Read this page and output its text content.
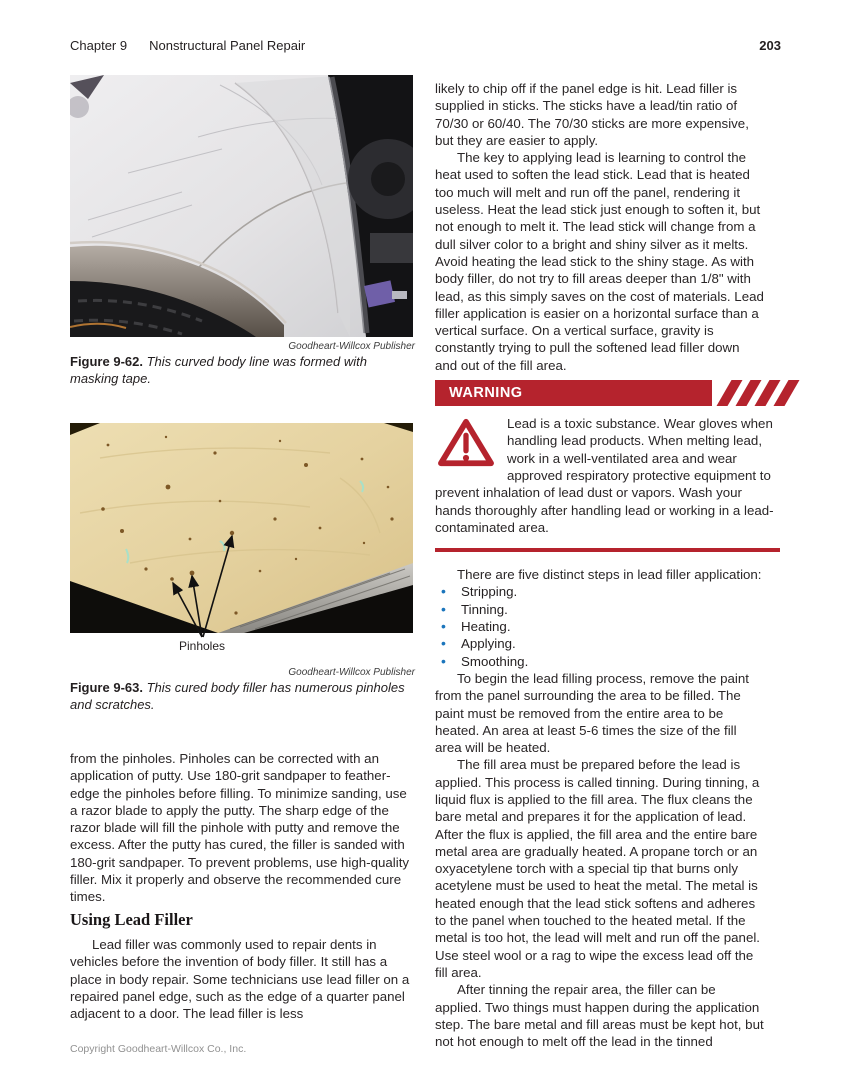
Chapter 9 Nonstructural Panel Repair	203
Goodheart-Willcox Publisher

Figure 9-62. This curved body line was formed with masking tape.

Pinholes
Goodheart-Willcox Publisher

Figure 9-63. This cured body filler has numerous pinholes and scratches.

from the pinholes. Pinholes can be corrected with an application of putty. Use 180-grit sandpaper to feather-edge the pinholes before filling. To minimize sanding, use a razor blade to apply the putty. The sharp edge of the razor blade will fill the pinhole with putty and remove the excess. After the putty has cured, the filler is sanded with 180-grit sandpaper. To prevent problems, use high-quality filler. Mix it properly and observe the recommended cure times.

Using Lead Filler

Lead filler was commonly used to repair dents in vehicles before the invention of body filler. It still has a place in body repair. Some technicians use lead filler on a repaired panel edge, such as the edge of a quarter panel adjacent to a door. The lead filler is less

likely to chip off if the panel edge is hit. Lead filler is supplied in sticks. The sticks have a lead/tin ratio of 70/30 or 60/40. The 70/30 sticks are more expensive, but they are easier to apply.

The key to applying lead is learning to control the heat used to soften the lead stick. Lead that is heated too much will melt and run off the panel, rendering it useless. Heat the lead stick just enough to soften it, but not enough to melt it. The lead stick will change from a dull silver color to a bright and shiny silver as it melts. Avoid heating the lead stick to the shiny stage. As with body filler, do not try to fill areas deeper than 1/8" with lead, as this simply saves on the cost of materials. Lead filler application is easier on a horizontal surface than a vertical surface. On a vertical surface, gravity is constantly trying to pull the softened lead filler down and out of the fill area.

WARNING
Lead is a toxic substance. Wear gloves when handling lead products. When melting lead, work in a well-ventilated area and wear approved respiratory protective equipment to prevent inhalation of lead dust or vapors. Wash your hands thoroughly after handling lead or working in a lead-contaminated area.

There are five distinct steps in lead filler application:

•	Stripping.
•	Tinning.
•	Heating.
•	Applying.
•	Smoothing.

To begin the lead filling process, remove the paint from the panel surrounding the area to be filled. The paint must be removed from the entire area to be heated. An area at least 5-6 times the size of the fill area will be heated.

The fill area must be prepared before the lead is applied. This process is called tinning. During tinning, a liquid flux is applied to the fill area. The flux cleans the bare metal and prepares it for the application of lead. After the flux is applied, the fill area and the entire bare metal area are gradually heated. A propane torch or an oxyacetylene torch with a special tip that burns only acetylene must be used to heat the metal. The metal is heated enough that the lead stick softens and adheres to the panel when touched to the heated metal. If the metal is too hot, the lead will melt and run off the panel. Use steel wool or a rag to wipe the excess lead off the fill area.

After tinning the repair area, the filler can be applied. Two things must happen during the application step. The bare metal and fill areas must be kept hot, but not hot enough to melt off the lead in the tinned

Copyright Goodheart-Willcox Co., Inc.
